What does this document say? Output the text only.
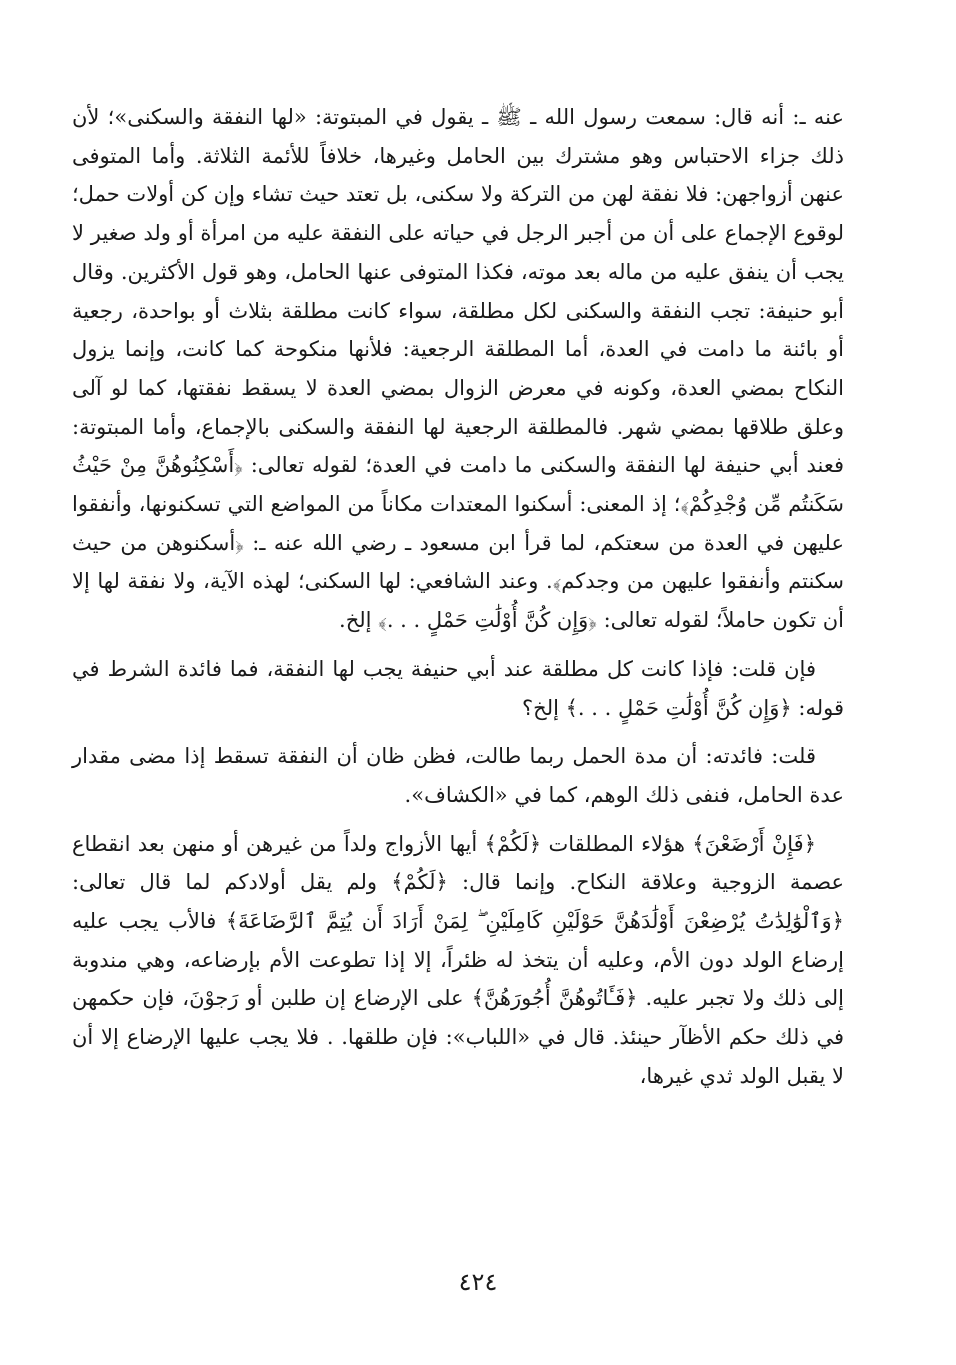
عنه ـ: أنه قال: سمعت رسول الله ـ ﷺ ـ يقول في المبتوتة: «لها النفقة والسكنى»؛ لأن ذلك جزاء الاحتباس وهو مشترك بين الحامل وغيرها، خلافاً للأئمة الثلاثة. وأما المتوفى عنهن أزواجهن: فلا نفقة لهن من التركة ولا سكنى، بل تعتد حيث تشاء وإن كن أولات حمل؛ لوقوع الإجماع على أن من أجبر الرجل في حياته على النفقة عليه من امرأة أو ولد صغير لا يجب أن ينفق عليه من ماله بعد موته، فكذا المتوفى عنها الحامل، وهو قول الأكثرين. وقال أبو حنيفة: تجب النفقة والسكنى لكل مطلقة، سواء كانت مطلقة بثلاث أو بواحدة، رجعية أو بائنة ما دامت في العدة، أما المطلقة الرجعية: فلأنها منكوحة كما كانت، وإنما يزول النكاح بمضي العدة، وكونه في معرض الزوال بمضي العدة لا يسقط نفقتها، كما لو آلى وعلق طلاقها بمضي شهر. فالمطلقة الرجعية لها النفقة والسكنى بالإجماع، وأما المبتوتة: فعند أبي حنيفة لها النفقة والسكنى ما دامت في العدة؛ لقوله تعالى: ﴿أَسْكِنُوهُنَّ مِنْ حَيْثُ سَكَنتُم مِّن وُجْدِكُمْ﴾؛ إذ المعنى: أسكنوا المعتدات مكاناً من المواضع التي تسكنونها، وأنفقوا عليهن في العدة من سعتكم، لما قرأ ابن مسعود ـ رضي الله عنه ـ: ﴿أسكنوهن من حيث سكنتم وأنفقوا عليهن من وجدكم﴾. وعند الشافعي: لها السكنى؛ لهذه الآية، ولا نفقة لها إلا أن تكون حاملاً؛ لقوله تعالى: ﴿وَإِن كُنَّ أُوْلَٰتِ حَمْلٍ . . .﴾ إلخ.

فإن قلت: فإذا كانت كل مطلقة عند أبي حنيفة يجب لها النفقة، فما فائدة الشرط في قوله: ﴿وَإِن كُنَّ أُوْلَٰتِ حَمْلٍ . . .﴾ إلخ؟

قلت: فائدته: أن مدة الحمل ربما طالت، فظن ظان أن النفقة تسقط إذا مضى مقدار عدة الحامل، فنفى ذلك الوهم، كما في «الكشاف».

﴿فَإِنْ أَرْضَعْنَ﴾ هؤلاء المطلقات ﴿لَكُمْ﴾ أيها الأزواج ولداً من غيرهن أو منهن بعد انقطاع عصمة الزوجية وعلاقة النكاح. وإنما قال: ﴿لَكُمْ﴾ ولم يقل أولادكم لما قال تعالى: ﴿وَٱلْوَٰلِدَٰتُ يُرْضِعْنَ أَوْلَٰدَهُنَّ حَوْلَيْنِ كَامِلَيْنِ ۖ لِمَنْ أَرَادَ أَن يُتِمَّ ٱلرَّضَاعَةَ﴾ فالأب يجب عليه إرضاع الولد دون الأم، وعليه أن يتخذ له ظئراً، إلا إذا تطوعت الأم بإرضاعه، وهي مندوبة إلى ذلك ولا تجبر عليه. ﴿فَـَٔاتُوهُنَّ أُجُورَهُنَّ﴾ على الإرضاع إن طلبن أو رَجوْنَ، فإن حكمهن في ذلك حكم الأظآر حينئذ. قال في «اللباب»: فإن طلقها. . فلا يجب عليها الإرضاع إلا أن لا يقبل الولد ثدي غيرها،

٤٢٤
